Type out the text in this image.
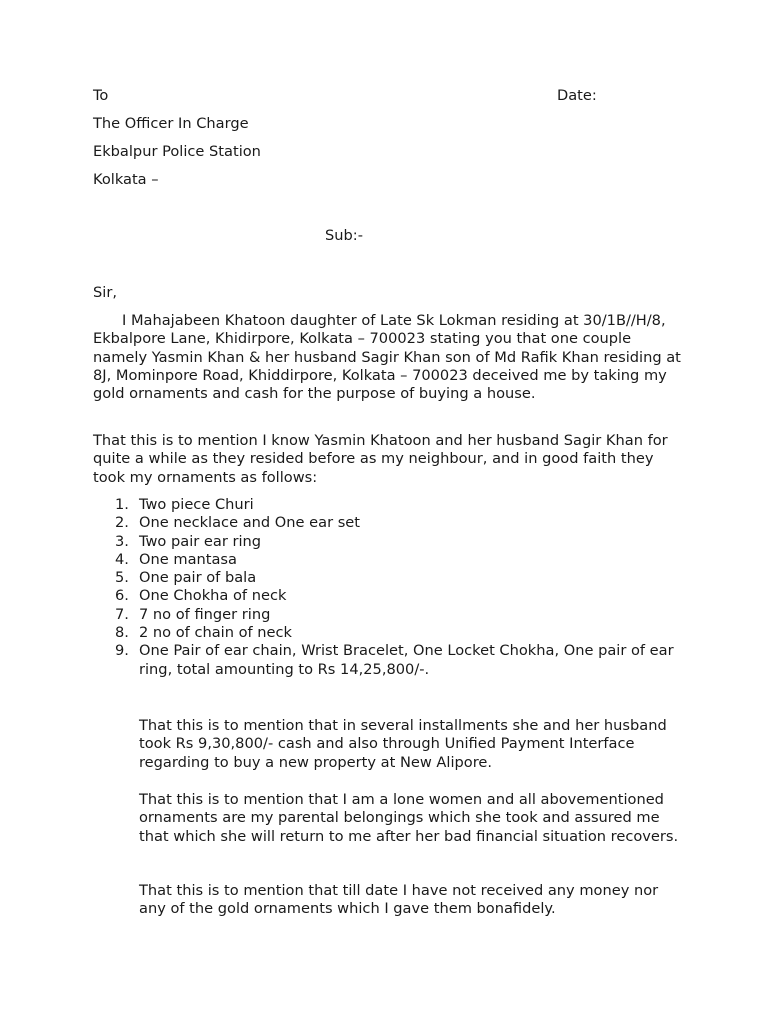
To	Date:

The Officer In Charge

Ekbalpur Police Station

Kolkata –

Sub:-

Sir,

I Mahajabeen Khatoon daughter of Late Sk Lokman residing at 30/1B//H/8, Ekbalpore Lane, Khidirpore, Kolkata – 700023 stating you that one couple namely Yasmin Khan & her husband Sagir Khan son of Md Rafik Khan residing at 8J, Mominpore Road, Khiddirpore, Kolkata – 700023 deceived me by taking my gold ornaments and cash for the purpose of buying a house.

That this is to mention I know Yasmin Khatoon and her husband Sagir Khan for quite a while as they resided before as my neighbour, and in good faith they took my ornaments as follows:

1. Two piece Churi
2. One necklace and One ear set
3. Two pair ear ring
4. One mantasa
5. One pair of bala
6. One Chokha of neck
7. 7 no of finger ring
8. 2 no of chain of neck
9. One Pair of ear chain, Wrist Bracelet, One Locket Chokha, One pair of ear ring, total amounting to Rs 14,25,800/-.

That this is to mention that in several installments she and her husband took Rs 9,30,800/- cash and also through Unified Payment Interface regarding to buy a new property at New Alipore.

That this is to mention that I am a lone women and all abovementioned ornaments are my parental belongings which she took and assured me that which she will return to me after her bad financial situation recovers.

That this is to mention that till date I have not received any money nor any of the gold ornaments which I gave them bonafidely.
